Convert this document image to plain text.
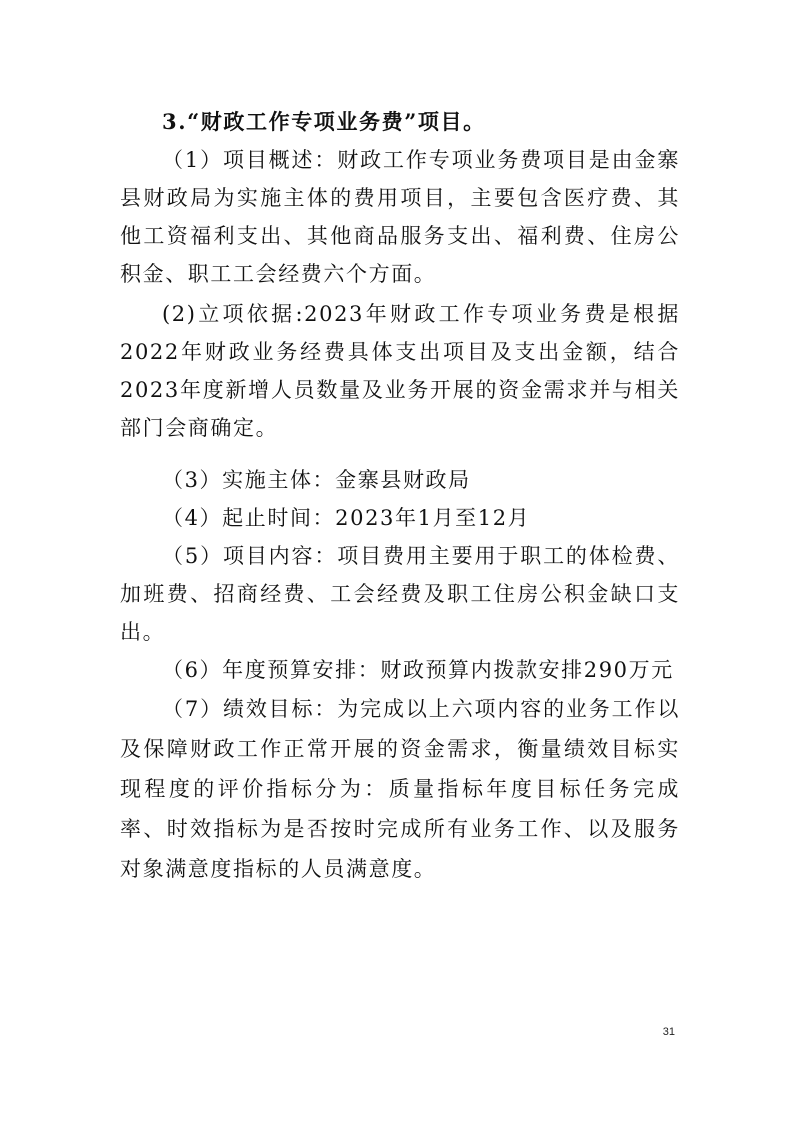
3.“财政工作专项业务费”项目。

（1）项目概述：财政工作专项业务费项目是由金寨县财政局为实施主体的费用项目，主要包含医疗费、其他工资福利支出、其他商品服务支出、福利费、住房公积金、职工工会经费六个方面。

(2)立项依据:2023年财政工作专项业务费是根据2022年财政业务经费具体支出项目及支出金额，结合2023年度新增人员数量及业务开展的资金需求并与相关部门会商确定。

（3）实施主体：金寨县财政局

（4）起止时间：2023年1月至12月

（5）项目内容：项目费用主要用于职工的体检费、加班费、招商经费、工会经费及职工住房公积金缺口支出。

（6）年度预算安排：财政预算内拨款安排290万元

（7）绩效目标：为完成以上六项内容的业务工作以及保障财政工作正常开展的资金需求，衡量绩效目标实现程度的评价指标分为：质量指标年度目标任务完成率、时效指标为是否按时完成所有业务工作、以及服务对象满意度指标的人员满意度。

31
